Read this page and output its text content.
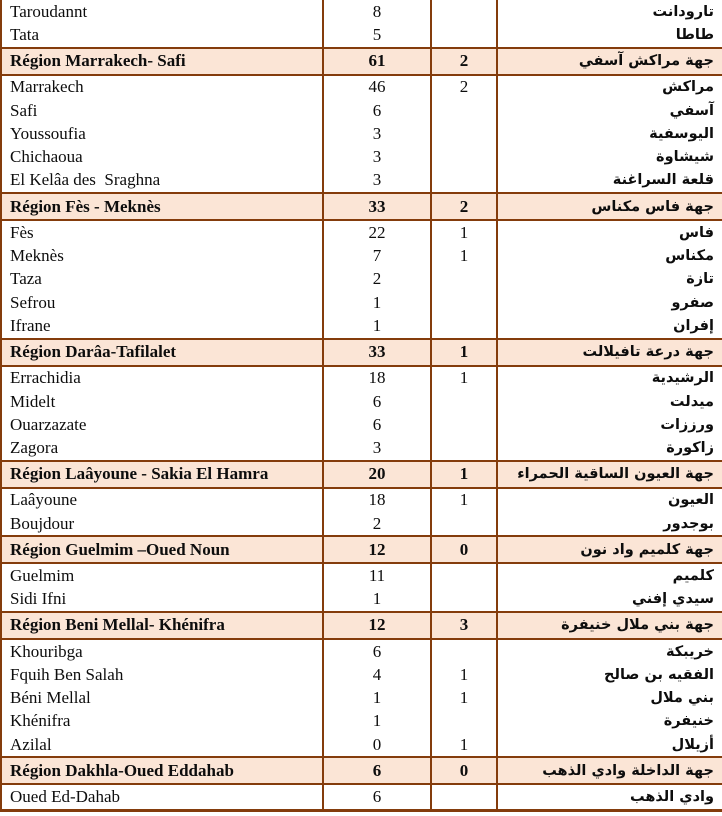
Taroudannt	8		تارودانت
Tata	5		طاطا
Région Marrakech- Safi	61	2	جهة مراكش آسفي
Marrakech	46	2	مراكش
Safi	6		آسفي
Youssoufia	3		اليوسفية
Chichaoua	3		شيشاوة
El Kelâa des  Sraghna	3		قلعة السراغنة
Région Fès - Meknès	33	2	جهة فاس مكناس
Fès	22	1	فاس
Meknès	7	1	مكناس
Taza	2		تازة
Sefrou	1		صفرو
Ifrane	1		إفران
Région Darâa-Tafilalet	33	1	جهة درعة تافيلالت
Errachidia	18	1	الرشيدية
Midelt	6		ميدلت
Ouarzazate	6		ورززات
Zagora	3		زاكورة
Région Laâyoune - Sakia El Hamra	20	1	جهة العيون الساقية الحمراء
Laâyoune	18	1	العيون
Boujdour	2		بوجدور
Région Guelmim –Oued Noun	12	0	جهة كلميم واد نون
Guelmim	11		كلميم
Sidi Ifni	1		سيدي إفني
Région Beni Mellal- Khénifra	12	3	جهة بني ملال خنيفرة
Khouribga	6		خريبكة
Fquih Ben Salah	4	1	الفقيه بن صالح
Béni Mellal	1	1	بني ملال
Khénifra	1		خنيفرة
Azilal	0	1	أزيلال
Région Dakhla-Oued Eddahab	6	0	جهة الداخلة وادي الذهب
Oued Ed-Dahab	6		وادي الذهب
